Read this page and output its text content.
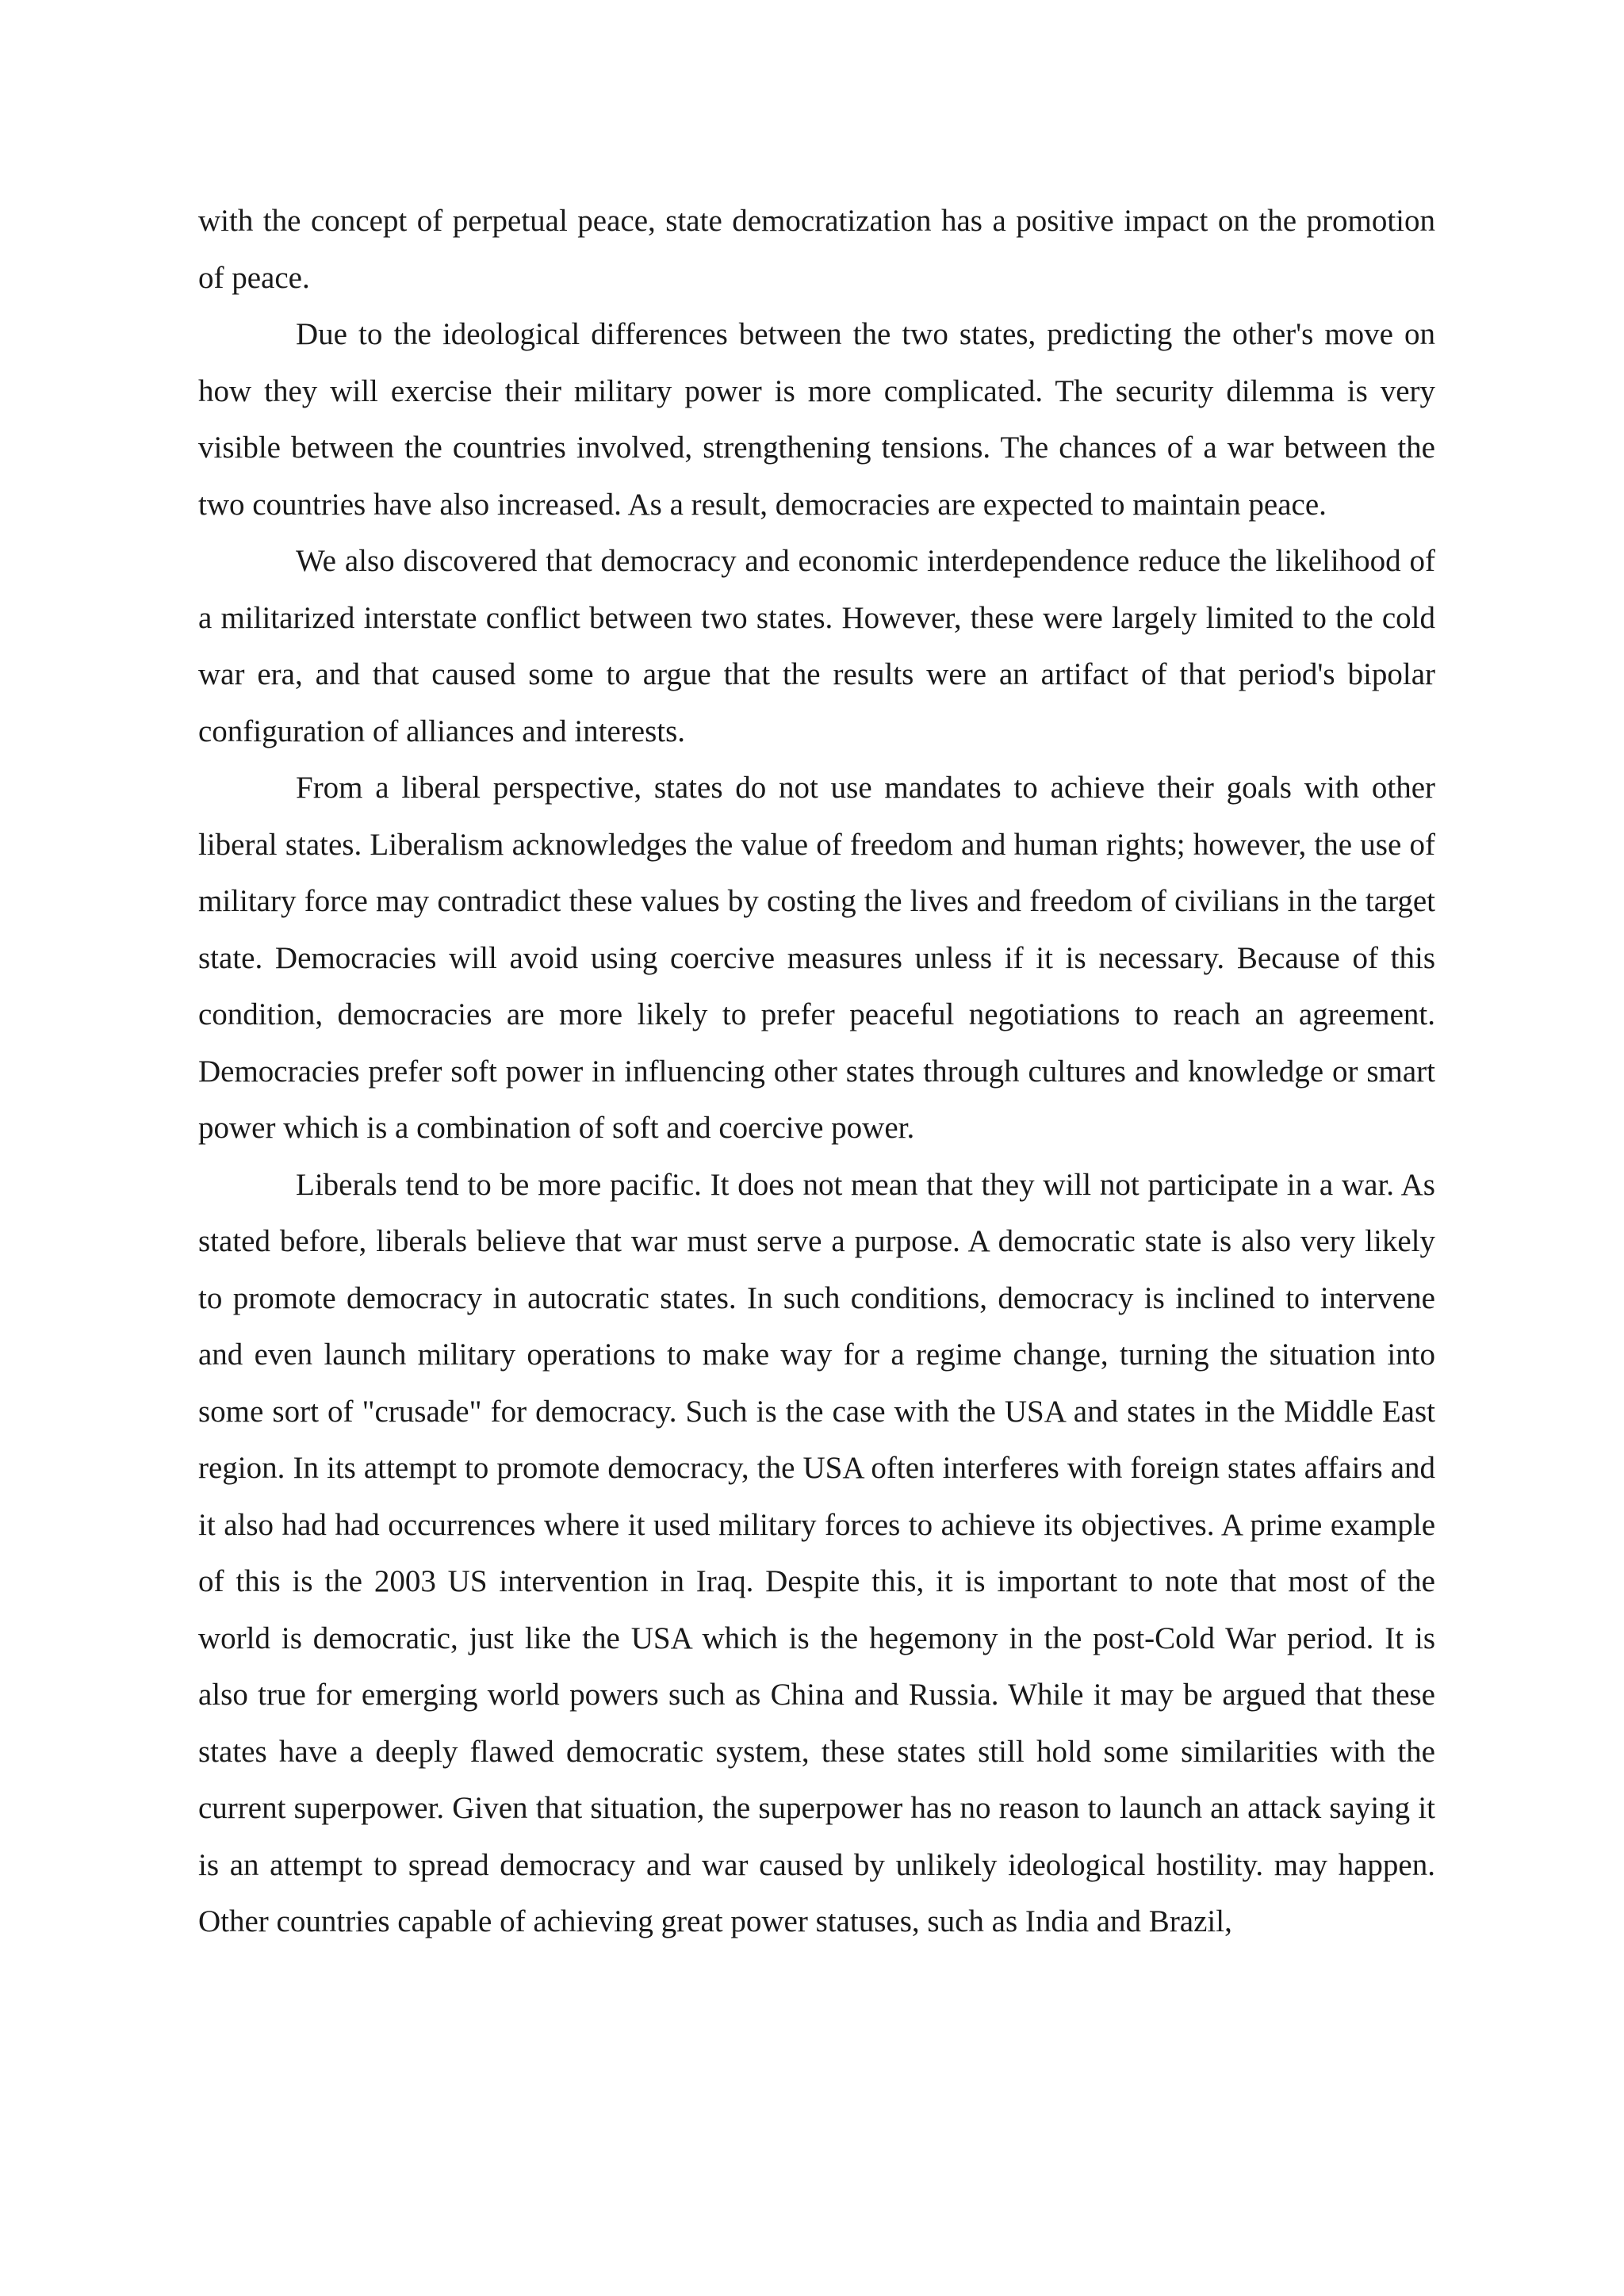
with the concept of perpetual peace, state democratization has a positive impact on the promotion of peace.

Due to the ideological differences between the two states, predicting the other's move on how they will exercise their military power is more complicated. The security dilemma is very visible between the countries involved, strengthening tensions. The chances of a war between the two countries have also increased. As a result, democracies are expected to maintain peace.

We also discovered that democracy and economic interdependence reduce the likelihood of a militarized interstate conflict between two states. However, these were largely limited to the cold war era, and that caused some to argue that the results were an artifact of that period's bipolar configuration of alliances and interests.

From a liberal perspective, states do not use mandates to achieve their goals with other liberal states. Liberalism acknowledges the value of freedom and human rights; however, the use of military force may contradict these values by costing the lives and freedom of civilians in the target state. Democracies will avoid using coercive measures unless if it is necessary. Because of this condition, democracies are more likely to prefer peaceful negotiations to reach an agreement. Democracies prefer soft power in influencing other states through cultures and knowledge or smart power which is a combination of soft and coercive power.

Liberals tend to be more pacific. It does not mean that they will not participate in a war. As stated before, liberals believe that war must serve a purpose. A democratic state is also very likely to promote democracy in autocratic states. In such conditions, democracy is inclined to intervene and even launch military operations to make way for a regime change, turning the situation into some sort of "crusade" for democracy. Such is the case with the USA and states in the Middle East region. In its attempt to promote democracy, the USA often interferes with foreign states affairs and it also had had occurrences where it used military forces to achieve its objectives. A prime example of this is the 2003 US intervention in Iraq. Despite this, it is important to note that most of the world is democratic, just like the USA which is the hegemony in the post-Cold War period. It is also true for emerging world powers such as China and Russia. While it may be argued that these states have a deeply flawed democratic system, these states still hold some similarities with the current superpower. Given that situation, the superpower has no reason to launch an attack saying it is an attempt to spread democracy and war caused by unlikely ideological hostility. may happen. Other countries capable of achieving great power statuses, such as India and Brazil,
